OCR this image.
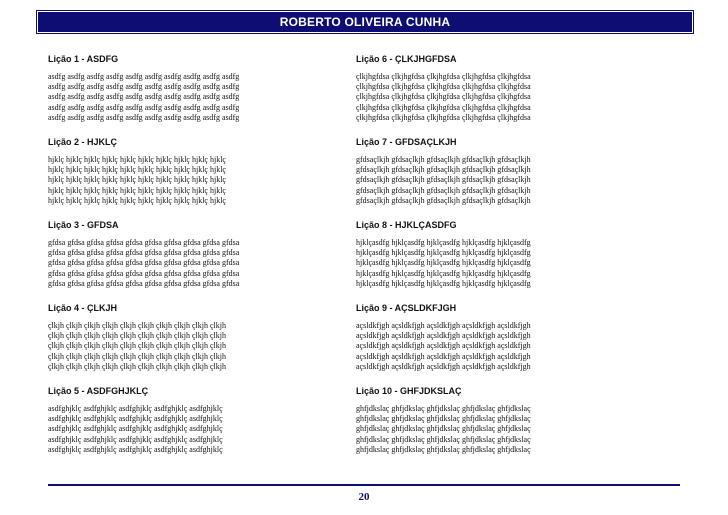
ROBERTO OLIVEIRA CUNHA
Lição 1 - ASDFG
asdfg asdfg asdfg asdfg asdfg asdfg asdfg asdfg asdfg asdfg
asdfg asdfg asdfg asdfg asdfg asdfg asdfg asdfg asdfg asdfg
asdfg asdfg asdfg asdfg asdfg asdfg asdfg asdfg asdfg asdfg
asdfg asdfg asdfg asdfg asdfg asdfg asdfg asdfg asdfg asdfg
asdfg asdfg asdfg asdfg asdfg asdfg asdfg asdfg asdfg asdfg
Lição 2 - HJKLÇ
hjklç hjklç hjklç hjklç hjklç hjklç hjklç hjklç hjklç hjklç
hjklç hjklç hjklç hjklç hjklç hjklç hjklç hjklç hjklç hjklç
hjklç hjklç hjklç hjklç hjklç hjklç hjklç hjklç hjklç hjklç
hjklç hjklç hjklç hjklç hjklç hjklç hjklç hjklç hjklç hjklç
hjklç hjklç hjklç hjklç hjklç hjklç hjklç hjklç hjklç hjklç
Lição 3 - GFDSA
gfdsa gfdsa gfdsa gfdsa gfdsa gfdsa gfdsa gfdsa gfdsa gfdsa
gfdsa gfdsa gfdsa gfdsa gfdsa gfdsa gfdsa gfdsa gfdsa gfdsa
gfdsa gfdsa gfdsa gfdsa gfdsa gfdsa gfdsa gfdsa gfdsa gfdsa
gfdsa gfdsa gfdsa gfdsa gfdsa gfdsa gfdsa gfdsa gfdsa gfdsa
gfdsa gfdsa gfdsa gfdsa gfdsa gfdsa gfdsa gfdsa gfdsa gfdsa
Lição 4 - ÇLKJH
çlkjh çlkjh çlkjh çlkjh çlkjh çlkjh çlkjh çlkjh çlkjh çlkjh
çlkjh çlkjh çlkjh çlkjh çlkjh çlkjh çlkjh çlkjh çlkjh çlkjh
çlkjh çlkjh çlkjh çlkjh çlkjh çlkjh çlkjh çlkjh çlkjh çlkjh
çlkjh çlkjh çlkjh çlkjh çlkjh çlkjh çlkjh çlkjh çlkjh çlkjh
çlkjh çlkjh çlkjh çlkjh çlkjh çlkjh çlkjh çlkjh çlkjh çlkjh
Lição 5 - ASDFGHJKLÇ
asdfghjklç asdfghjklç asdfghjklç asdfghjklç asdfghjklç
asdfghjklç asdfghjklç asdfghjklç asdfghjklç asdfghjklç
asdfghjklç asdfghjklç asdfghjklç asdfghjklç asdfghjklç
asdfghjklç asdfghjklç asdfghjklç asdfghjklç asdfghjklç
asdfghjklç asdfghjklç asdfghjklç asdfghjklç asdfghjklç
Lição 6 - ÇLKJHGFDSA
çlkjhgfdsa çlkjhgfdsa çlkjhgfdsa çlkjhgfdsa çlkjhgfdsa
çlkjhgfdsa çlkjhgfdsa çlkjhgfdsa çlkjhgfdsa çlkjhgfdsa
çlkjhgfdsa çlkjhgfdsa çlkjhgfdsa çlkjhgfdsa çlkjhgfdsa
çlkjhgfdsa çlkjhgfdsa çlkjhgfdsa çlkjhgfdsa çlkjhgfdsa
çlkjhgfdsa çlkjhgfdsa çlkjhgfdsa çlkjhgfdsa çlkjhgfdsa
Lição 7 - GFDSAÇLKJH
gfdsaçlkjh gfdsaçlkjh gfdsaçlkjh gfdsaçlkjh gfdsaçlkjh
gfdsaçlkjh gfdsaçlkjh gfdsaçlkjh gfdsaçlkjh gfdsaçlkjh
gfdsaçlkjh gfdsaçlkjh gfdsaçlkjh gfdsaçlkjh gfdsaçlkjh
gfdsaçlkjh gfdsaçlkjh gfdsaçlkjh gfdsaçlkjh gfdsaçlkjh
gfdsaçlkjh gfdsaçlkjh gfdsaçlkjh gfdsaçlkjh gfdsaçlkjh
Lição 8 - HJKLÇASDFG
hjklçasdfg hjklçasdfg hjklçasdfg hjklçasdfg hjklçasdfg
hjklçasdfg hjklçasdfg hjklçasdfg hjklçasdfg hjklçasdfg
hjklçasdfg hjklçasdfg hjklçasdfg hjklçasdfg hjklçasdfg
hjklçasdfg hjklçasdfg hjklçasdfg hjklçasdfg hjklçasdfg
hjklçasdfg hjklçasdfg hjklçasdfg hjklçasdfg hjklçasdfg
Lição 9 - AÇSLDKFJGH
açsldkfjgh açsldkfjgh açsldkfjgh açsldkfjgh açsldkfjgh
açsldkfjgh açsldkfjgh açsldkfjgh açsldkfjgh açsldkfjgh
açsldkfjgh açsldkfjgh açsldkfjgh açsldkfjgh açsldkfjgh
açsldkfjgh açsldkfjgh açsldkfjgh açsldkfjgh açsldkfjgh
açsldkfjgh açsldkfjgh açsldkfjgh açsldkfjgh açsldkfjgh
Lição 10 - GHFJDKSLAÇ
ghfjdkslaç ghfjdkslaç ghfjdkslaç ghfjdkslaç ghfjdkslaç
ghfjdkslaç ghfjdkslaç ghfjdkslaç ghfjdkslaç ghfjdkslaç
ghfjdkslaç ghfjdkslaç ghfjdkslaç ghfjdkslaç ghfjdkslaç
ghfjdkslaç ghfjdkslaç ghfjdkslaç ghfjdkslaç ghfjdkslaç
ghfjdkslaç ghfjdkslaç ghfjdkslaç ghfjdkslaç ghfjdkslaç
20
